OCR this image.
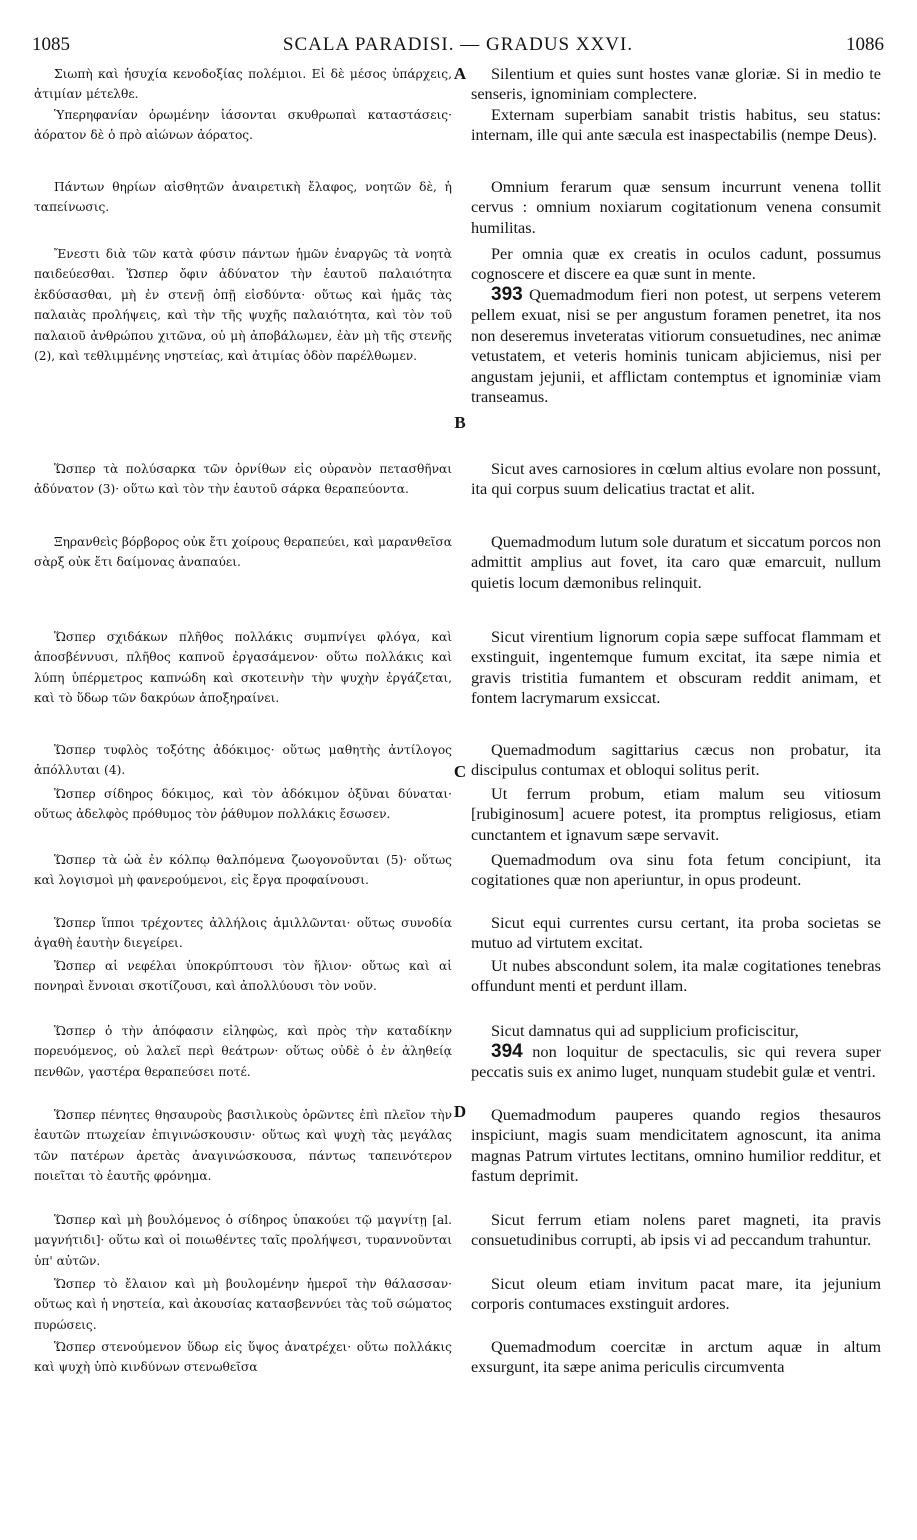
1085	SCALA PARADISI. — GRADUS XXVI.	1086

Σιωπὴ καὶ ἡσυχία κενοδοξίας πολέμιοι. Εἰ δὲ μέσος ὑπάρχεις, ἀτιμίαν μέτελθε.

Ὑπερηφανίαν ὁρωμένην ἰάσονται σκυθρωπαὶ καταστάσεις· ἀόρατον δὲ ὁ πρὸ αἰώνων ἀόρατος.

Πάντων θηρίων αἰσθητῶν ἀναιρετικὴ ἔλαφος, νοητῶν δὲ, ἡ ταπείνωσις.

Ἔνεστι διὰ τῶν κατὰ φύσιν πάντων ἡμῶν ἐναργῶς τὰ νοητὰ παιδεύεσθαι. Ὥσπερ ὄφιν ἀδύνατον τὴν ἑαυτοῦ παλαιότητα ἐκδύσασθαι, μὴ ἐν στενῇ ὀπῇ εἰσδύντα· οὕτως καὶ ἡμᾶς τὰς παλαιὰς προλήψεις, καὶ τὴν τῆς ψυχῆς παλαιότητα, καὶ τὸν τοῦ παλαιοῦ ἀνθρώπου χιτῶνα, οὐ μὴ ἀποβάλωμεν, ἐὰν μὴ τῆς στενῆς (2), καὶ τεθλιμμένης νηστείας, καὶ ἀτιμίας ὁδὸν παρέλθωμεν.

Ὥσπερ τὰ πολύσαρκα τῶν ὀρνίθων εἰς οὐρανὸν πετασθῆναι ἀδύνατον (3)· οὕτω καὶ τὸν τὴν ἑαυτοῦ σάρκα θεραπεύοντα.

Ξηρανθεὶς βόρβορος οὐκ ἔτι χοίρους θεραπεύει, καὶ μαρανθεῖσα σὰρξ οὐκ ἔτι δαίμονας ἀναπαύει.

Ὥσπερ σχιδάκων πλῆθος πολλάκις συμπνίγει φλόγα, καὶ ἀποσβέννυσι, πλῆθος καπνοῦ ἐργασάμενον· οὕτω πολλάκις καὶ λύπη ὑπέρμετρος καπνώδη καὶ σκοτεινὴν τὴν ψυχὴν ἐργάζεται, καὶ τὸ ὕδωρ τῶν δακρύων ἀποξηραίνει.

Ὥσπερ τυφλὸς τοξότης ἀδόκιμος· οὕτως μαθητὴς ἀντίλογος ἀπόλλυται (4).

Ὥσπερ σίδηρος δόκιμος, καὶ τὸν ἀδόκιμον ὀξῦναι δύναται· οὕτως ἀδελφὸς πρόθυμος τὸν ῥάθυμον πολλάκις ἔσωσεν.

Ὥσπερ τὰ ὠὰ ἐν κόλπῳ θαλπόμενα ζωογονοῦνται (5)· οὕτως καὶ λογισμοὶ μὴ φανερούμενοι, εἰς ἔργα προφαίνουσι.

Ὥσπερ ἵπποι τρέχοντες ἀλλήλοις ἁμιλλῶνται· οὕτως συνοδία ἀγαθὴ ἑαυτὴν διεγείρει.

Ὥσπερ αἱ νεφέλαι ὑποκρύπτουσι τὸν ἥλιον· οὕτως καὶ αἱ πονηραὶ ἔννοιαι σκοτίζουσι, καὶ ἀπολλύουσι τὸν νοῦν.

Ὥσπερ ὁ τὴν ἀπόφασιν εἰληφὼς, καὶ πρὸς τὴν καταδίκην πορευόμενος, οὐ λαλεῖ περὶ θεάτρων· οὕτως οὐδὲ ὁ ἐν ἀληθείᾳ πενθῶν, γαστέρα θεραπεύσει ποτέ.

Ὥσπερ πένητες θησαυροὺς βασιλικοὺς ὁρῶντες ἐπὶ πλεῖον τὴν ἑαυτῶν πτωχείαν ἐπιγινώσκουσιν· οὕτως καὶ ψυχὴ τὰς μεγάλας τῶν πατέρων ἀρετὰς ἀναγινώσκουσα, πάντως ταπεινότερον ποιεῖται τὸ ἑαυτῆς φρόνημα.

Ὥσπερ καὶ μὴ βουλόμενος ὁ σίδηρος ὑπακούει τῷ μαγνίτῃ [al. μαγνήτιδι]· οὕτω καὶ οἱ ποιωθέντες ταῖς προλήψεσι, τυραννοῦνται ὑπ' αὐτῶν.

Ὥσπερ τὸ ἔλαιον καὶ μὴ βουλομένην ἡμεροῖ τὴν θάλασσαν· οὕτως καὶ ἡ νηστεία, καὶ ἀκουσίας κατασβεννύει τὰς τοῦ σώματος πυρώσεις.

Ὥσπερ στενούμενον ὕδωρ εἰς ὕψος ἀνατρέχει· οὕτω πολλάκις καὶ ψυχὴ ὑπὸ κινδύνων στενωθεῖσα

Silentium et quies sunt hostes vanæ gloriæ. Si in medio te senseris, ignominiam complectere.

Externam superbiam sanabit tristis habitus, seu status: internam, ille qui ante sæcula est inaspectabilis (nempe Deus).

Omnium ferarum quæ sensum incurrunt venena tollit cervus : omnium noxiarum cogitationum venena consumit humilitas.

Per omnia quæ ex creatis in oculos cadunt, possumus cognoscere et discere ea quæ sunt in mente.

393 Quemadmodum fieri non potest, ut serpens veterem pellem exuat, nisi se per angustum foramen penetret, ita nos non deseremus inveteratas vitiorum consuetudines, nec animæ vetustatem, et veteris hominis tunicam abjiciemus, nisi per angustam jejunii, et afflictam contemptus et ignominiæ viam transeamus.

Sicut aves carnosiores in cœlum altius evolare non possunt, ita qui corpus suum delicatius tractat et alit.

Quemadmodum lutum sole duratum et siccatum porcos non admittit amplius aut fovet, ita caro quæ emarcuit, nullum quietis locum dæmonibus relinquit.

Sicut virentium lignorum copia sæpe suffocat flammam et exstinguit, ingentemque fumum excitat, ita sæpe nimia et gravis tristitia fumantem et obscuram reddit animam, et fontem lacrymarum exsiccat.

Quemadmodum sagittarius cæcus non probatur, ita discipulus contumax et obloqui solitus perit.

Ut ferrum probum, etiam malum seu vitiosum [rubiginosum] acuere potest, ita promptus religiosus, etiam cunctantem et ignavum sæpe servavit.

Quemadmodum ova sinu fota fetum concipiunt, ita cogitationes quæ non aperiuntur, in opus prodeunt.

Sicut equi currentes cursu certant, ita proba societas se mutuo ad virtutem excitat.

Ut nubes abscondunt solem, ita malæ cogitationes tenebras offundunt menti et perdunt illam.

Sicut damnatus qui ad supplicium proficiscitur,

394 non loquitur de spectaculis, sic qui revera super peccatis suis ex animo luget, nunquam studebit gulæ et ventri.

Quemadmodum pauperes quando regios thesauros inspiciunt, magis suam mendicitatem agnoscunt, ita anima magnas Patrum virtutes lectitans, omnino humilior redditur, et fastum deprimit.

Sicut ferrum etiam nolens paret magneti, ita pravis consuetudinibus corrupti, ab ipsis vi ad peccandum trahuntur.

Sicut oleum etiam invitum pacat mare, ita jejunium corporis contumaces exstinguit ardores.

Quemadmodum coercitæ in arctum aquæ in altum exsurgunt, ita sæpe anima periculis circumventa

A
B
C
D
